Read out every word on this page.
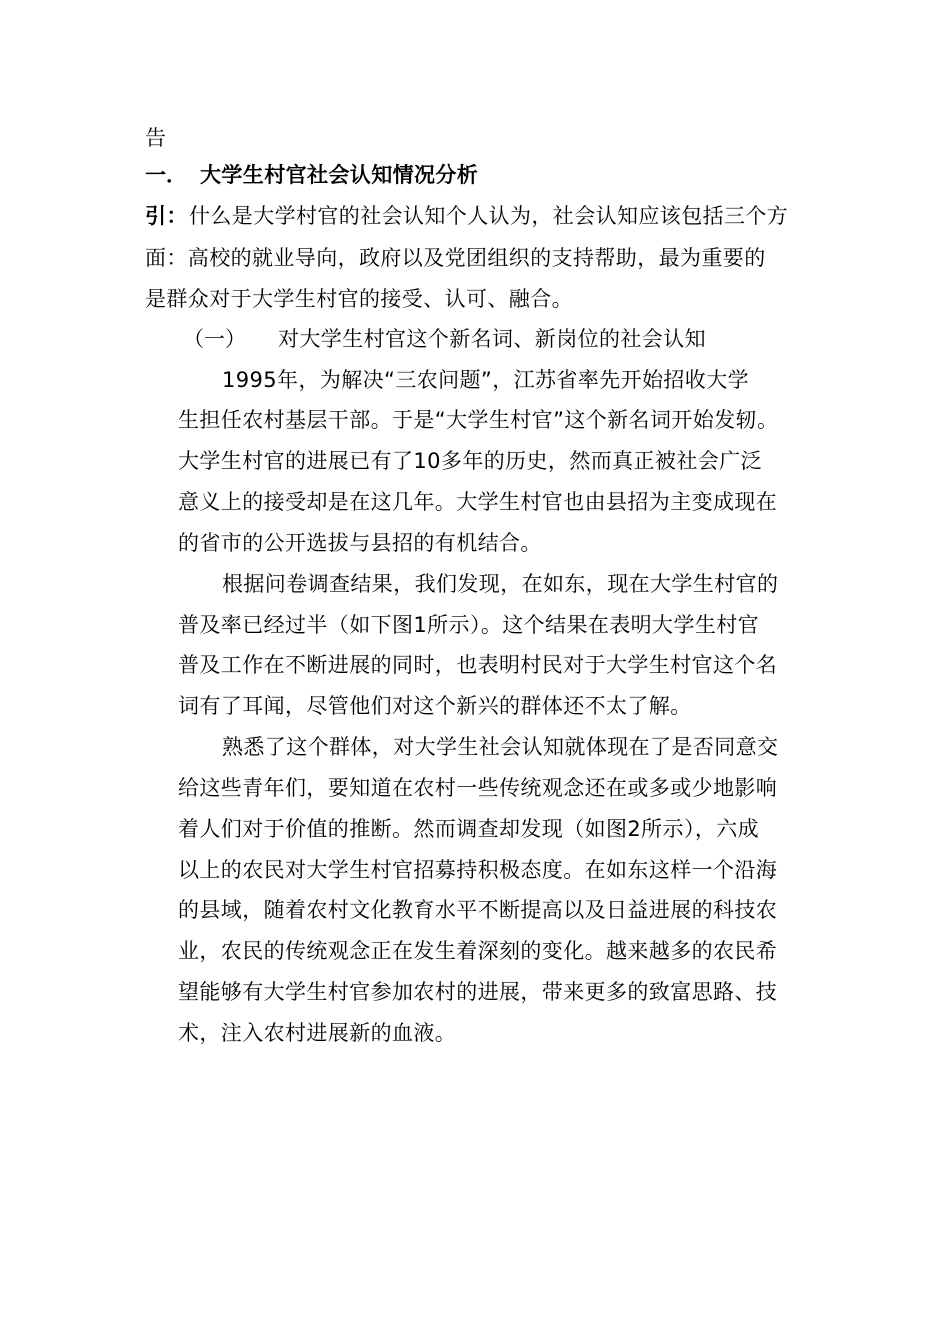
告
一． 大学生村官社会认知情况分析
引： 什么是大学村官的社会认知个人认为，社会认知应该包括三个方
面：高校的就业导向，政府以及党团组织的支持帮助，最为重要的
是群众对于大学生村官的接受、认可、融合。
（一） 对大学生村官这个新名词、新岗位的社会认知
1995年，为解决“三农问题”，江苏省率先开始招收大学
生担任农村基层干部。于是“大学生村官”这个新名词开始发轫。
大学生村官的进展已有了10多年的历史，然而真正被社会广泛
意义上的接受却是在这几年。大学生村官也由县招为主变成现在
的省市的公开选拔与县招的有机结合。
根据问卷调查结果，我们发现，在如东，现在大学生村官的
普及率已经过半（如下图1所示）。这个结果在表明大学生村官
普及工作在不断进展的同时，也表明村民对于大学生村官这个名
词有了耳闻，尽管他们对这个新兴的群体还不太了解。
熟悉了这个群体，对大学生社会认知就体现在了是否同意交
给这些青年们，要知道在农村一些传统观念还在或多或少地影响
着人们对于价值的推断。然而调查却发现（如图2所示），六成
以上的农民对大学生村官招募持积极态度。在如东这样一个沿海
的县域，随着农村文化教育水平不断提高以及日益进展的科技农
业，农民的传统观念正在发生着深刻的变化。越来越多的农民希
望能够有大学生村官参加农村的进展，带来更多的致富思路、技
术，注入农村进展新的血液。
